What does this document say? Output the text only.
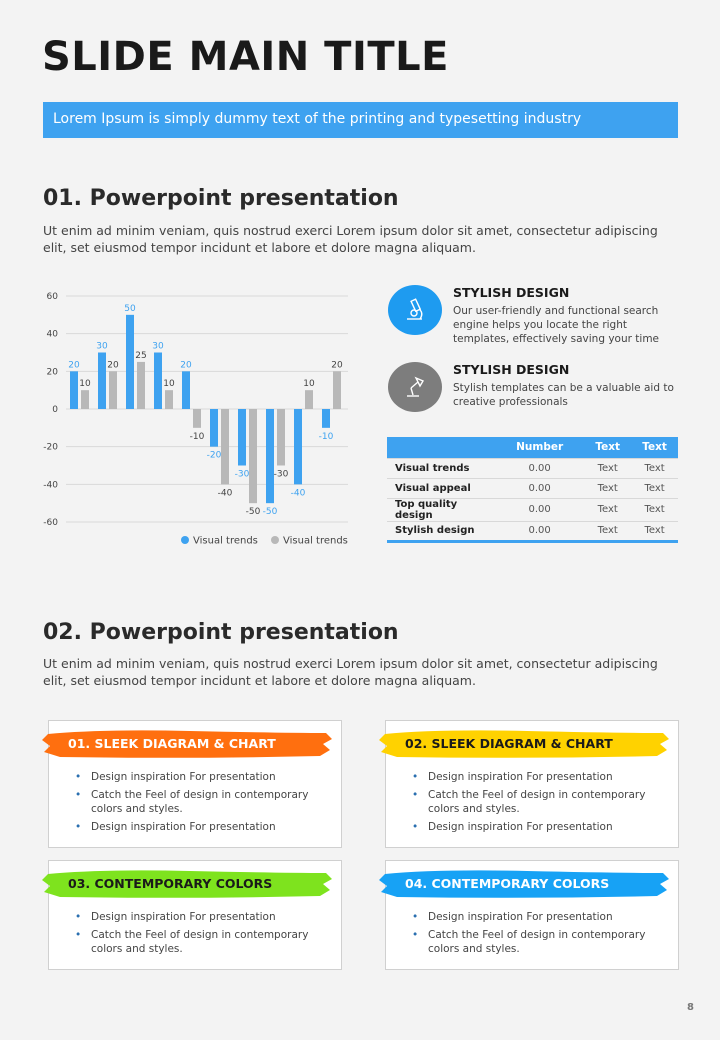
SLIDE MAIN TITLE
Lorem Ipsum is simply dummy text of the printing and typesetting industry
01. Powerpoint presentation
Ut enim ad minim veniam, quis nostrud exerci Lorem ipsum dolor sit amet, consectetur adipiscing elit, set eiusmod tempor incidunt et labore et dolore magna aliquam.
60
40
20
0
-20
-40
-60
20
30
50
30
20
-20
-30
-50
-40
-10
10
20
25
10
-10
-40
-50
-30
10
20
Visual trends	Visual trends
STYLISH DESIGN
Our user-friendly and functional search engine helps you locate the right templates, effectively saving your time
STYLISH DESIGN
Stylish templates can be a valuable aid to creative professionals
	Number	Text	Text
Visual trends	0.00	Text	Text
Visual appeal	0.00	Text	Text
Top quality design	0.00	Text	Text
Stylish design	0.00	Text	Text
02. Powerpoint presentation
Ut enim ad minim veniam, quis nostrud exerci Lorem ipsum dolor sit amet, consectetur adipiscing elit, set eiusmod tempor incidunt et labore et dolore magna aliquam.
01. SLEEK DIAGRAM & CHART
• Design inspiration For presentation
• Catch the Feel of design in contemporary colors and styles.
• Design inspiration For presentation
02. SLEEK DIAGRAM & CHART
• Design inspiration For presentation
• Catch the Feel of design in contemporary colors and styles.
• Design inspiration For presentation
03. CONTEMPORARY COLORS
• Design inspiration For presentation
• Catch the Feel of design in contemporary colors and styles.
04. CONTEMPORARY COLORS
• Design inspiration For presentation
• Catch the Feel of design in contemporary colors and styles.
8
